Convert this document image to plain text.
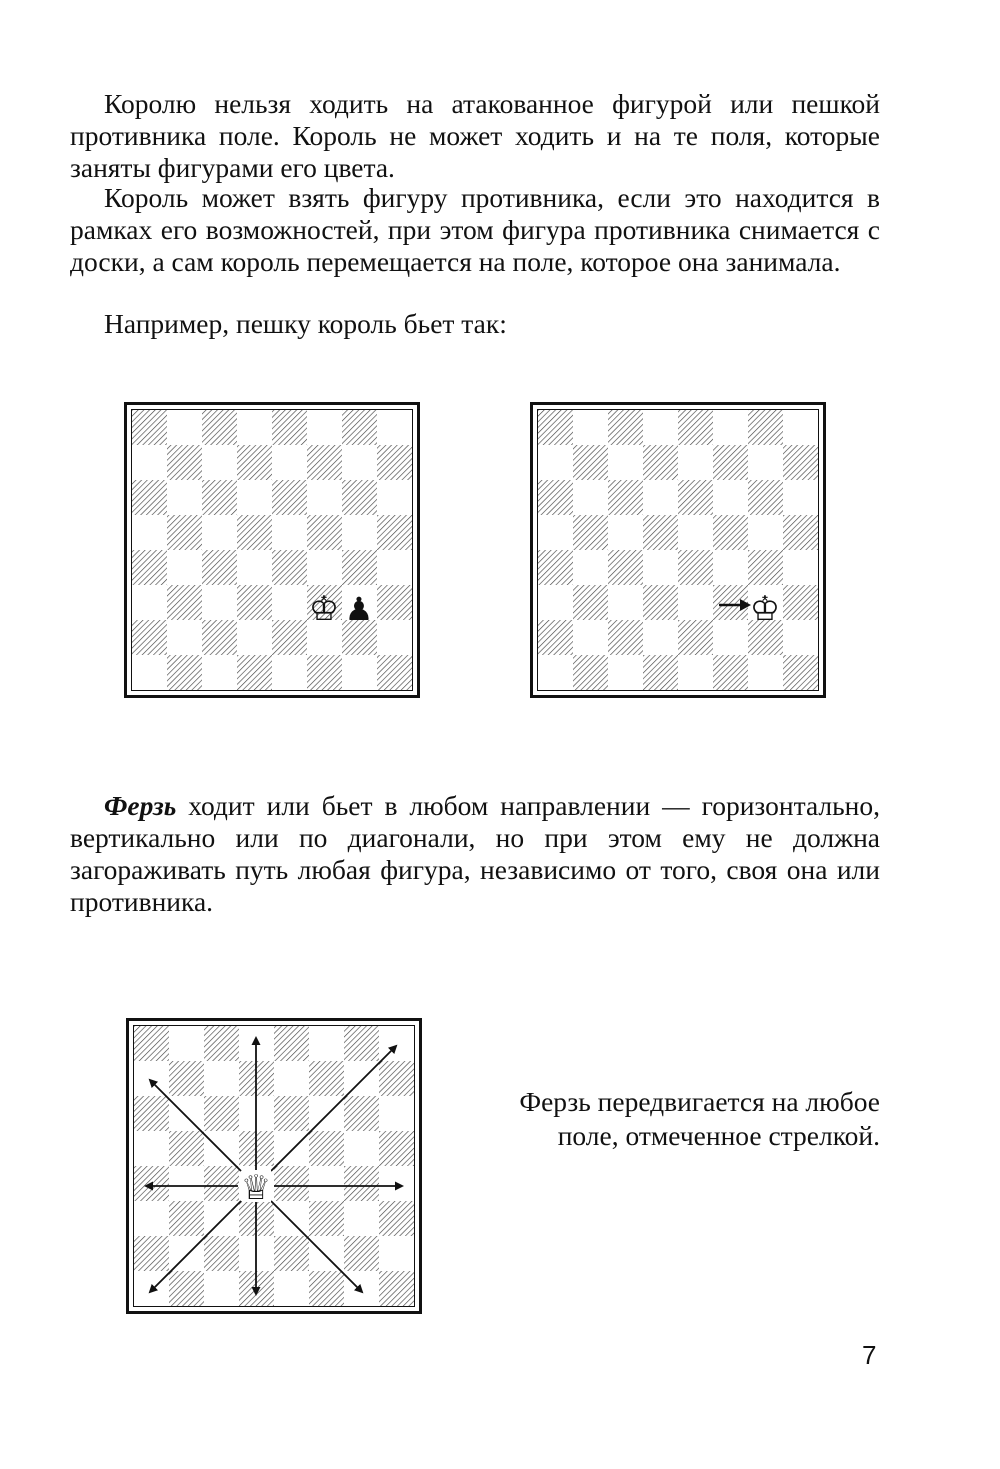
Королю нельзя ходить на атакованное фигурой или пешкой противника поле. Король не может ходить и на те поля, которые заняты фигурами его цвета.
Король может взять фигуру противника, если это находится в рамках его возможностей, при этом фигура противника снимается с доски, а сам король перемещается на поле, которое она занимала.
Например, пешку король бьет так:
♔ ♟	♔
Ферзь ходит или бьет в любом направлении — горизонтально, вертикально или по диагонали, но при этом ему не должна загораживать путь любая фигура, независимо от того, своя она или противника.
♕
Ферзь передвигается на любое поле, отмеченное стрелкой.
7
